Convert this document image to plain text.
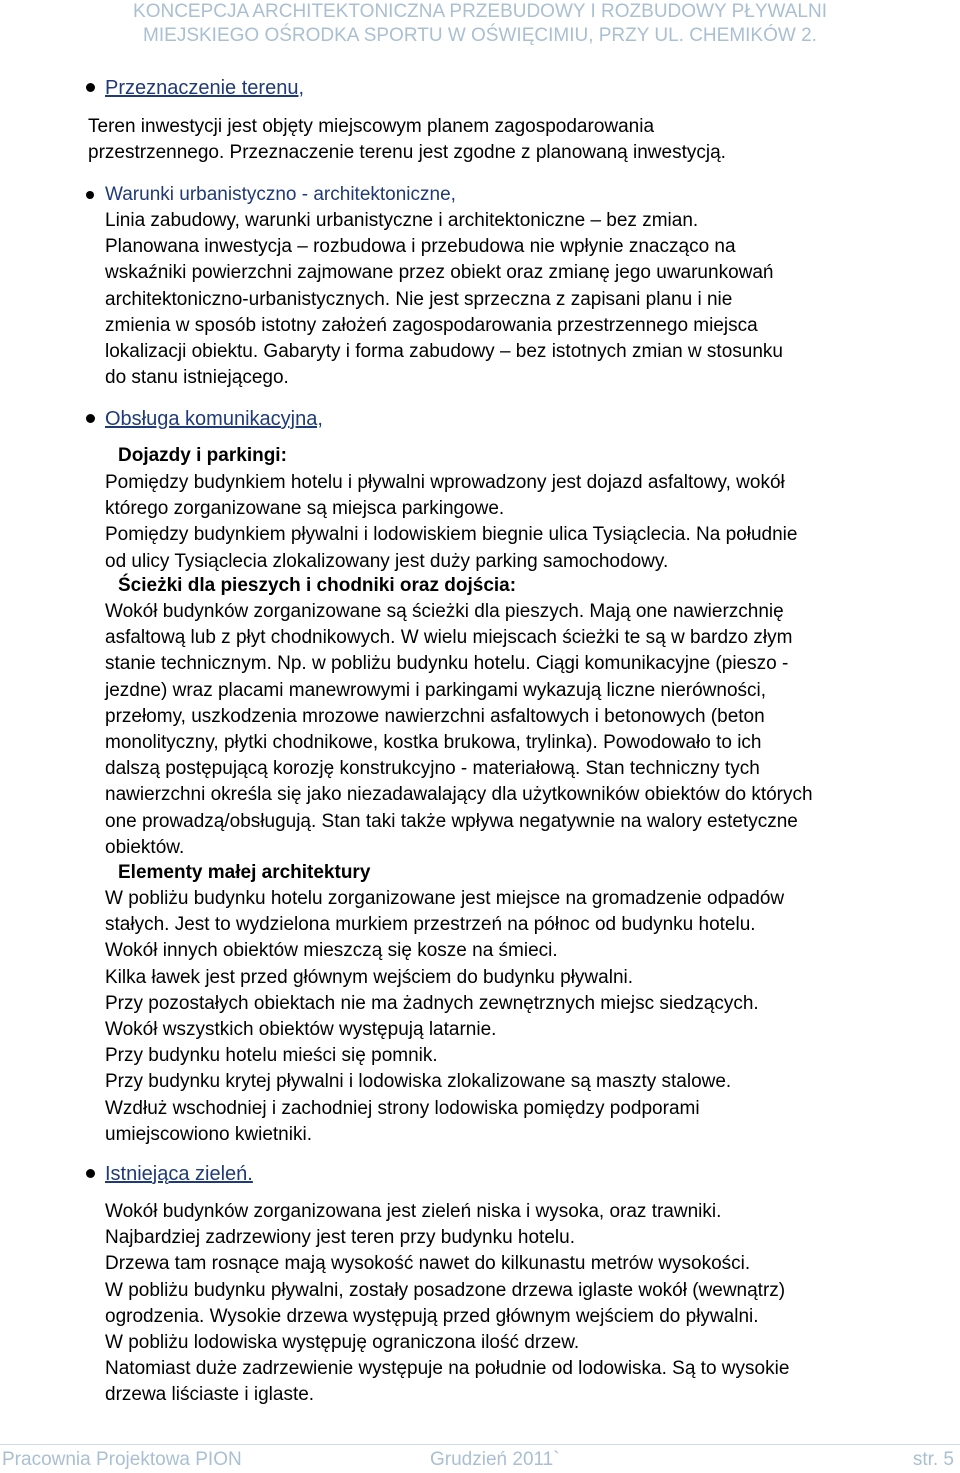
KONCEPCJA ARCHITEKTONICZNA PRZEBUDOWY I ROZBUDOWY PŁYWALNI
MIEJSKIEGO OŚRODKA SPORTU W OŚWIĘCIMIU, PRZY UL. CHEMIKÓW 2.
Przeznaczenie terenu,
Teren inwestycji jest objęty miejscowym planem zagospodarowania
przestrzennego. Przeznaczenie terenu jest zgodne z planowaną inwestycją.
Warunki urbanistyczno - architektoniczne,
Linia zabudowy, warunki urbanistyczne i architektoniczne – bez zmian.
Planowana inwestycja – rozbudowa i przebudowa nie wpłynie znacząco na
wskaźniki powierzchni zajmowane przez obiekt oraz zmianę jego uwarunkowań
architektoniczno-urbanistycznych. Nie jest sprzeczna z zapisani planu i nie
zmienia w sposób istotny założeń zagospodarowania przestrzennego miejsca
lokalizacji obiektu. Gabaryty i forma zabudowy – bez istotnych zmian w stosunku
do stanu istniejącego.
Obsługa komunikacyjna,
Dojazdy i parkingi:
Pomiędzy budynkiem hotelu i pływalni wprowadzony jest dojazd asfaltowy, wokół
którego zorganizowane są miejsca parkingowe.
Pomiędzy budynkiem pływalni i lodowiskiem biegnie ulica Tysiąclecia. Na południe
od ulicy Tysiąclecia zlokalizowany jest duży parking samochodowy.
Ścieżki dla pieszych i chodniki oraz dojścia:
Wokół budynków zorganizowane są ścieżki dla pieszych. Mają one nawierzchnię
asfaltową lub z płyt chodnikowych. W wielu miejscach ścieżki te są w bardzo złym
stanie technicznym. Np. w pobliżu budynku hotelu. Ciągi komunikacyjne (pieszo -
jezdne) wraz placami manewrowymi i parkingami wykazują liczne nierówności,
przełomy, uszkodzenia mrozowe nawierzchni asfaltowych i betonowych (beton
monolityczny, płytki chodnikowe, kostka brukowa, trylinka). Powodowało to ich
dalszą postępującą korozję konstrukcyjno - materiałową. Stan techniczny tych
nawierzchni określa się jako niezadawalający dla użytkowników obiektów do których
one prowadzą/obsługują. Stan taki także wpływa negatywnie na walory estetyczne
obiektów.
Elementy małej architektury
W pobliżu budynku hotelu zorganizowane jest miejsce na gromadzenie odpadów
stałych. Jest to wydzielona murkiem przestrzeń na północ od budynku hotelu.
Wokół innych obiektów mieszczą się kosze na śmieci.
Kilka ławek jest przed głównym wejściem do budynku pływalni.
Przy pozostałych obiektach nie ma żadnych zewnętrznych miejsc siedzących.
Wokół wszystkich obiektów występują latarnie.
Przy budynku hotelu mieści się pomnik.
Przy budynku krytej pływalni i lodowiska zlokalizowane są maszty stalowe.
Wzdłuż wschodniej i zachodniej strony lodowiska pomiędzy podporami
umiejscowiono kwietniki.
Istniejąca zieleń.
Wokół budynków zorganizowana jest zieleń niska i wysoka, oraz trawniki.
Najbardziej zadrzewiony jest teren przy budynku hotelu.
Drzewa tam rosnące mają wysokość nawet do kilkunastu metrów wysokości.
W pobliżu budynku pływalni, zostały posadzone drzewa iglaste wokół (wewnątrz)
ogrodzenia. Wysokie drzewa występują przed głównym wejściem do pływalni.
W pobliżu lodowiska występuję ograniczona ilość drzew.
Natomiast duże zadrzewienie występuje na południe od lodowiska. Są to wysokie
drzewa liściaste i iglaste.
Pracownia Projektowa PION	Grudzień 2011`	str. 5
